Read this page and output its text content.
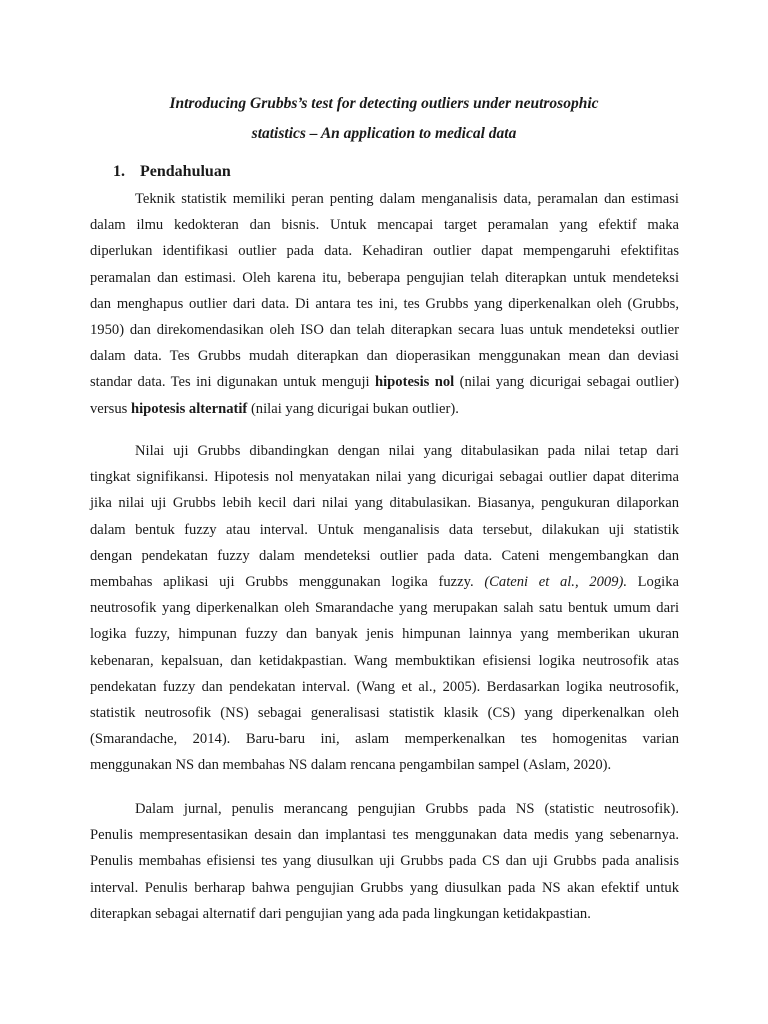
Introducing Grubbs’s test for detecting outliers under neutrosophic
statistics – An application to medical data
1. Pendahuluan
Teknik statistik memiliki peran penting dalam menganalisis data, peramalan dan estimasi
dalam ilmu kedokteran dan bisnis. Untuk mencapai target peramalan yang efektif maka
diperlukan identifikasi outlier pada data. Kehadiran outlier dapat mempengaruhi efektifitas
peramalan dan estimasi. Oleh karena itu, beberapa pengujian telah diterapkan untuk mendeteksi
dan menghapus outlier dari data. Di antara tes ini, tes Grubbs yang diperkenalkan oleh (Grubbs,
1950) dan direkomendasikan oleh ISO dan telah diterapkan secara luas untuk mendeteksi outlier
dalam data. Tes Grubbs mudah diterapkan dan dioperasikan menggunakan mean dan deviasi
standar data. Tes ini digunakan untuk menguji hipotesis nol (nilai yang dicurigai sebagai outlier)
versus hipotesis alternatif (nilai yang dicurigai bukan outlier).
Nilai uji Grubbs dibandingkan dengan nilai yang ditabulasikan pada nilai tetap dari
tingkat signifikansi. Hipotesis nol menyatakan nilai yang dicurigai sebagai outlier dapat diterima
jika nilai uji Grubbs lebih kecil dari nilai yang ditabulasikan. Biasanya, pengukuran dilaporkan
dalam bentuk fuzzy atau interval. Untuk menganalisis data tersebut, dilakukan uji statistik
dengan pendekatan fuzzy dalam mendeteksi outlier pada data. Cateni mengembangkan dan
membahas aplikasi uji Grubbs menggunakan logika fuzzy. (Cateni et al., 2009). Logika
neutrosofik yang diperkenalkan oleh Smarandache yang merupakan salah satu bentuk umum dari
logika fuzzy, himpunan fuzzy dan banyak jenis himpunan lainnya yang memberikan ukuran
kebenaran, kepalsuan, dan ketidakpastian. Wang membuktikan efisiensi logika neutrosofik atas
pendekatan fuzzy dan pendekatan interval. (Wang et al., 2005). Berdasarkan logika neutrosofik,
statistik neutrosofik (NS) sebagai generalisasi statistik klasik (CS) yang diperkenalkan oleh
(Smarandache, 2014). Baru-baru ini, aslam memperkenalkan tes homogenitas varian
menggunakan NS dan membahas NS dalam rencana pengambilan sampel (Aslam, 2020).
Dalam jurnal, penulis merancang pengujian Grubbs pada NS (statistic neutrosofik).
Penulis mempresentasikan desain dan implantasi tes menggunakan data medis yang sebenarnya.
Penulis membahas efisiensi tes yang diusulkan uji Grubbs pada CS dan uji Grubbs pada analisis
interval. Penulis berharap bahwa pengujian Grubbs yang diusulkan pada NS akan efektif untuk
diterapkan sebagai alternatif dari pengujian yang ada pada lingkungan ketidakpastian.
